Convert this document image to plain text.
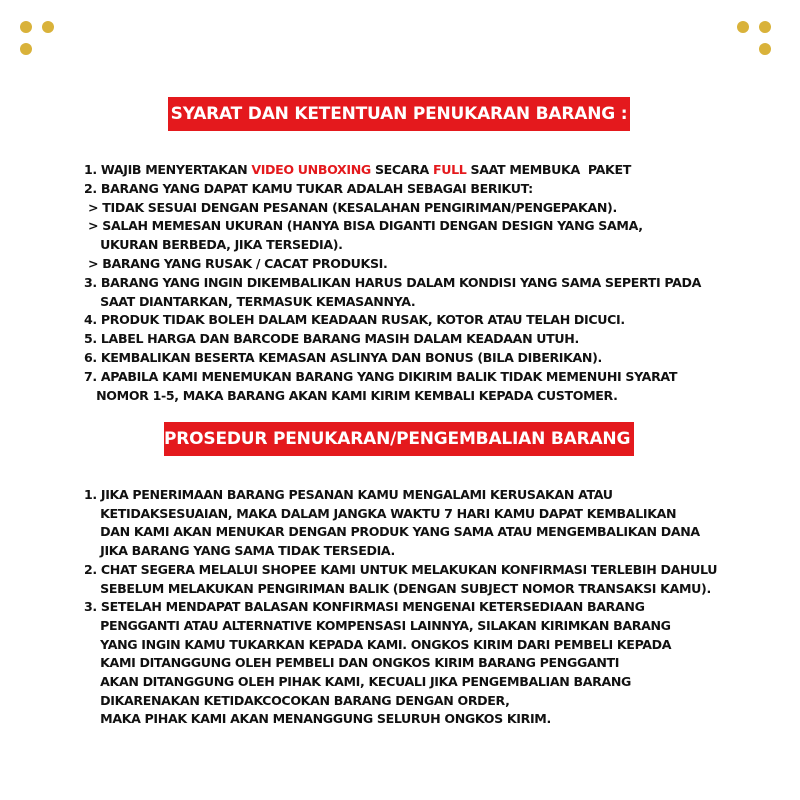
SYARAT DAN KETENTUAN PENUKARAN BARANG :
PROSEDUR PENUKARAN/PENGEMBALIAN BARANG :
1. WAJIB MENYERTAKAN VIDEO UNBOXING SECARA FULL SAAT MEMBUKA  PAKET
2. BARANG YANG DAPAT KAMU TUKAR ADALAH SEBAGAI BERIKUT:
> TIDAK SESUAI DENGAN PESANAN (KESALAHAN PENGIRIMAN/PENGEPAKAN).
> SALAH MEMESAN UKURAN (HANYA BISA DIGANTI DENGAN DESIGN YANG SAMA,
UKURAN BERBEDA, JIKA TERSEDIA).
> BARANG YANG RUSAK / CACAT PRODUKSI.
3. BARANG YANG INGIN DIKEMBALIKAN HARUS DALAM KONDISI YANG SAMA SEPERTI PADA
SAAT DIANTARKAN, TERMASUK KEMASANNYA.
4. PRODUK TIDAK BOLEH DALAM KEADAAN RUSAK, KOTOR ATAU TELAH DICUCI.
5. LABEL HARGA DAN BARCODE BARANG MASIH DALAM KEADAAN UTUH.
6. KEMBALIKAN BESERTA KEMASAN ASLINYA DAN BONUS (BILA DIBERIKAN).
7. APABILA KAMI MENEMUKAN BARANG YANG DIKIRIM BALIK TIDAK MEMENUHI SYARAT
NOMOR 1-5, MAKA BARANG AKAN KAMI KIRIM KEMBALI KEPADA CUSTOMER.
1. JIKA PENERIMAAN BARANG PESANAN KAMU MENGALAMI KERUSAKAN ATAU
KETIDAKSESUAIAN, MAKA DALAM JANGKA WAKTU 7 HARI KAMU DAPAT KEMBALIKAN
DAN KAMI AKAN MENUKAR DENGAN PRODUK YANG SAMA ATAU MENGEMBALIKAN DANA
JIKA BARANG YANG SAMA TIDAK TERSEDIA.
2. CHAT SEGERA MELALUI SHOPEE KAMI UNTUK MELAKUKAN KONFIRMASI TERLEBIH DAHULU
SEBELUM MELAKUKAN PENGIRIMAN BALIK (DENGAN SUBJECT NOMOR TRANSAKSI KAMU).
3. SETELAH MENDAPAT BALASAN KONFIRMASI MENGENAI KETERSEDIAAN BARANG
PENGGANTI ATAU ALTERNATIVE KOMPENSASI LAINNYA, SILAKAN KIRIMKAN BARANG
YANG INGIN KAMU TUKARKAN KEPADA KAMI. ONGKOS KIRIM DARI PEMBELI KEPADA
KAMI DITANGGUNG OLEH PEMBELI DAN ONGKOS KIRIM BARANG PENGGANTI
AKAN DITANGGUNG OLEH PIHAK KAMI, KECUALI JIKA PENGEMBALIAN BARANG
DIKARENAKAN KETIDAKCOCOKAN BARANG DENGAN ORDER,
MAKA PIHAK KAMI AKAN MENANGGUNG SELURUH ONGKOS KIRIM.
